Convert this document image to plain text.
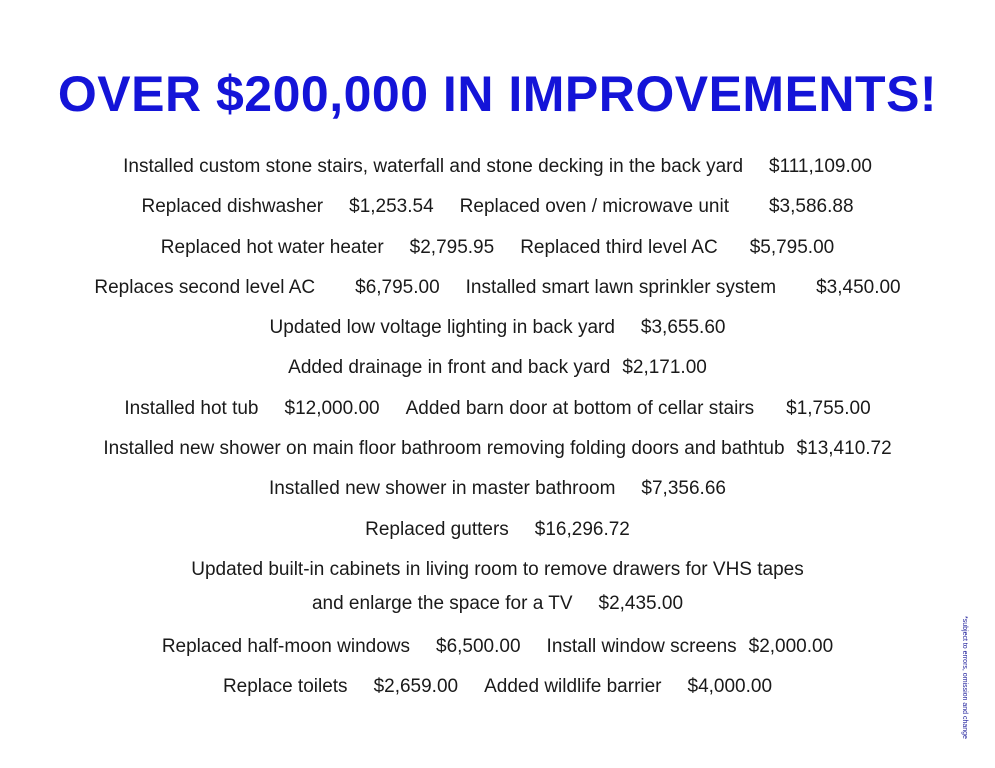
OVER $200,000 IN IMPROVEMENTS!
Installed custom stone stairs, waterfall and stone decking in the back yard $111,109.00
Replaced dishwasher $1,253.54 Replaced oven / microwave unit $3,586.88
Replaced hot water heater $2,795.95 Replaced third level AC $5,795.00
Replaces second level AC $6,795.00 Installed smart lawn sprinkler system $3,450.00
Updated low voltage lighting in back yard $3,655.60
Added drainage in front and back yard $2,171.00
Installed hot tub $12,000.00 Added barn door at bottom of cellar stairs $1,755.00
Installed new shower on main floor bathroom removing folding doors and bathtub $13,410.72
Installed new shower in master bathroom $7,356.66
Replaced gutters $16,296.72
Updated built-in cabinets in living room to remove drawers for VHS tapes
and enlarge the space for a TV $2,435.00
Replaced half-moon windows $6,500.00 Install window screens $2,000.00
Replace toilets $2,659.00 Added wildlife barrier $4,000.00	*subject to errors, omission and change
